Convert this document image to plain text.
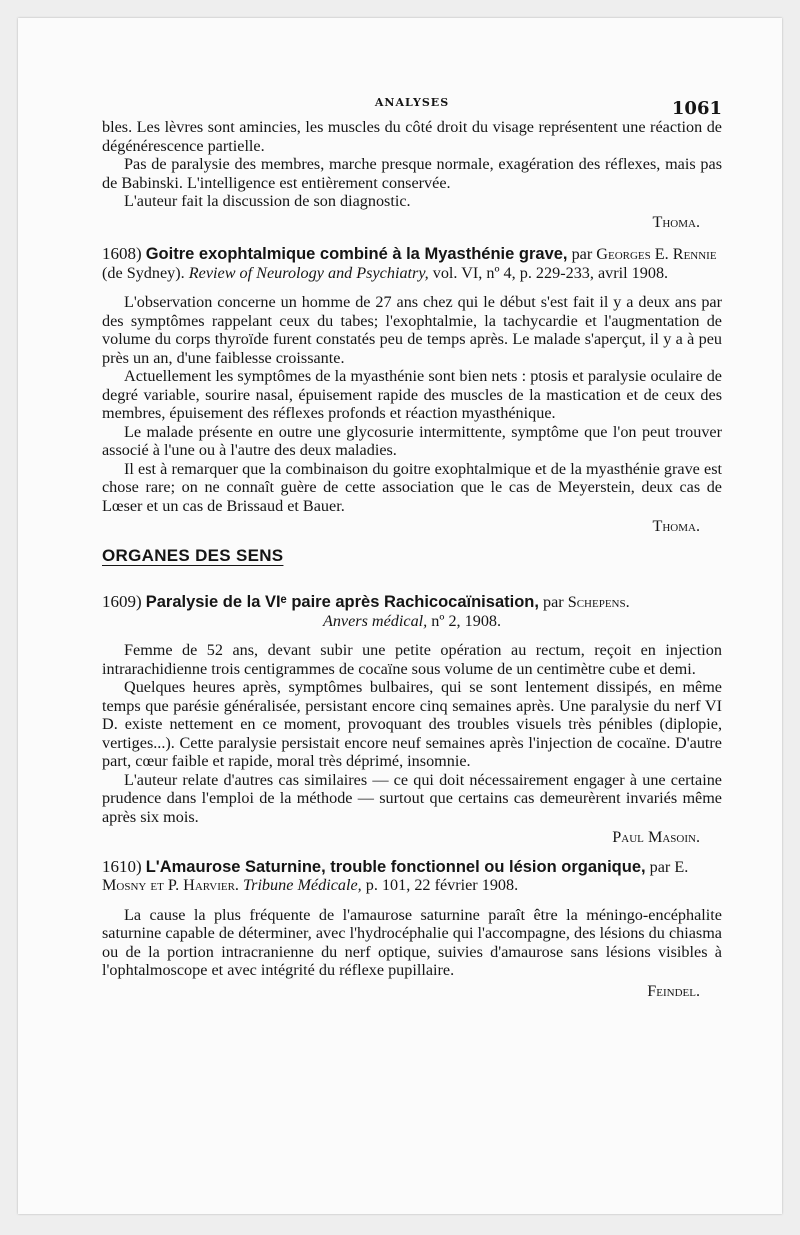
ANALYSES	1061

bles. Les lèvres sont amincies, les muscles du côté droit du visage représentent une réaction de dégénérescence partielle.

Pas de paralysie des membres, marche presque normale, exagération des réflexes, mais pas de Babinski. L'intelligence est entièrement conservée.

L'auteur fait la discussion de son diagnostic.

Thoma.

1608) Goitre exophtalmique combiné à la Myasthénie grave, par Georges E. Rennie (de Sydney). Review of Neurology and Psychiatry, vol. VI, nº 4, p. 229-233, avril 1908.

L'observation concerne un homme de 27 ans chez qui le début s'est fait il y a deux ans par des symptômes rappelant ceux du tabes; l'exophtalmie, la tachycardie et l'augmentation de volume du corps thyroïde furent constatés peu de temps après. Le malade s'aperçut, il y a à peu près un an, d'une faiblesse croissante.

Actuellement les symptômes de la myasthénie sont bien nets : ptosis et paralysie oculaire de degré variable, sourire nasal, épuisement rapide des muscles de la mastication et de ceux des membres, épuisement des réflexes profonds et réaction myasthénique.

Le malade présente en outre une glycosurie intermittente, symptôme que l'on peut trouver associé à l'une ou à l'autre des deux maladies.

Il est à remarquer que la combinaison du goitre exophtalmique et de la myasthénie grave est chose rare; on ne connaît guère de cette association que le cas de Meyerstein, deux cas de Lœser et un cas de Brissaud et Bauer.

Thoma.

ORGANES DES SENS

1609) Paralysie de la VIᵉ paire après Rachicocaïnisation, par Schepens.

Anvers médical, nº 2, 1908.

Femme de 52 ans, devant subir une petite opération au rectum, reçoit en injection intrarachidienne trois centigrammes de cocaïne sous volume de un centimètre cube et demi.

Quelques heures après, symptômes bulbaires, qui se sont lentement dissipés, en même temps que parésie généralisée, persistant encore cinq semaines après. Une paralysie du nerf VI D. existe nettement en ce moment, provoquant des troubles visuels très pénibles (diplopie, vertiges...). Cette paralysie persistait encore neuf semaines après l'injection de cocaïne. D'autre part, cœur faible et rapide, moral très déprimé, insomnie.

L'auteur relate d'autres cas similaires — ce qui doit nécessairement engager à une certaine prudence dans l'emploi de la méthode — surtout que certains cas demeurèrent invariés même après six mois.

Paul Masoin.

1610) L'Amaurose Saturnine, trouble fonctionnel ou lésion organique, par E. Mosny et P. Harvier. Tribune Médicale, p. 101, 22 février 1908.

La cause la plus fréquente de l'amaurose saturnine paraît être la méningo-encéphalite saturnine capable de déterminer, avec l'hydrocéphalie qui l'accompagne, des lésions du chiasma ou de la portion intracranienne du nerf optique, suivies d'amaurose sans lésions visibles à l'ophtalmoscope et avec intégrité du réflexe pupillaire.

Feindel.
